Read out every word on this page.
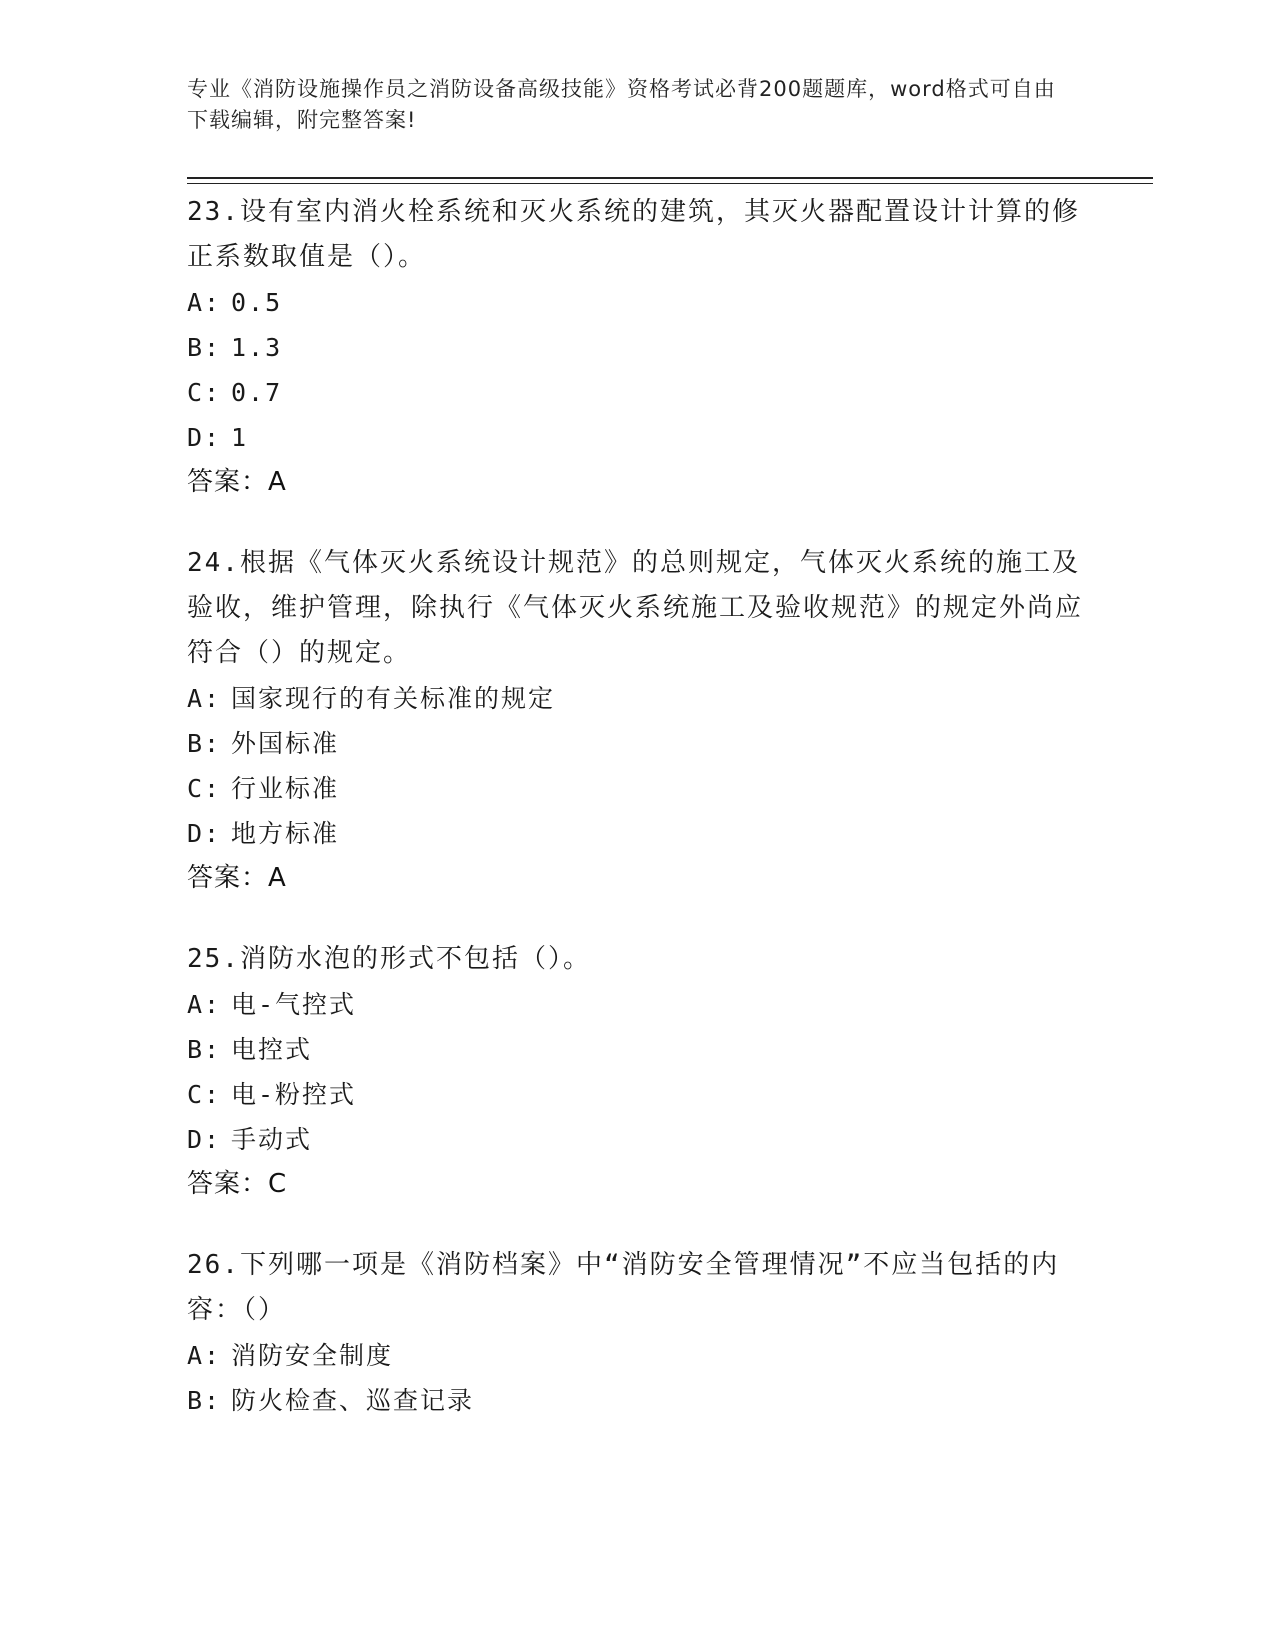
专业《消防设施操作员之消防设备高级技能》资格考试必背200题题库，word格式可自由下载编辑，附完整答案!
23.设有室内消火栓系统和灭火系统的建筑，其灭火器配置设计计算的修正系数取值是（）。
A: 0.5
B: 1.3
C: 0.7
D: 1
答案：A
24.根据《气体灭火系统设计规范》的总则规定，气体灭火系统的施工及验收，维护管理，除执行《气体灭火系统施工及验收规范》的规定外尚应符合（）的规定。
A: 国家现行的有关标准的规定
B: 外国标准
C: 行业标准
D: 地方标准
答案：A
25.消防水泡的形式不包括（）。
A: 电-气控式
B: 电控式
C: 电-粉控式
D: 手动式
答案：C
26.下列哪一项是《消防档案》中“消防安全管理情况”不应当包括的内容：（）
A: 消防安全制度
B: 防火检查、巡查记录
